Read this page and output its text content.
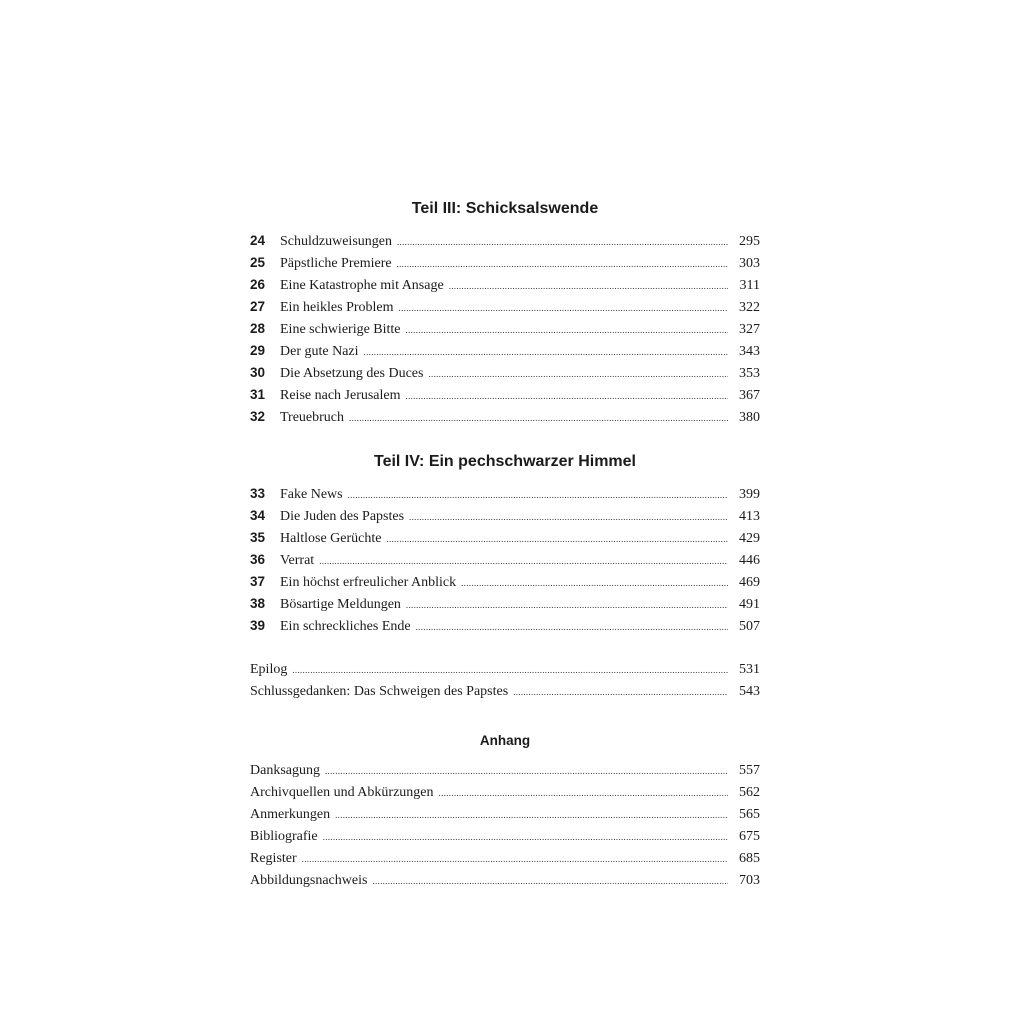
Teil III: Schicksalswende
24	Schuldzuweisungen .....	295
25	Päpstliche Premiere .....	303
26	Eine Katastrophe mit Ansage .....	311
27	Ein heikles Problem .....	322
28	Eine schwierige Bitte .....	327
29	Der gute Nazi .....	343
30	Die Absetzung des Duces .....	353
31	Reise nach Jerusalem .....	367
32	Treuebruch .....	380
Teil IV: Ein pechschwarzer Himmel
33	Fake News .....	399
34	Die Juden des Papstes .....	413
35	Haltlose Gerüchte .....	429
36	Verrat .....	446
37	Ein höchst erfreulicher Anblick .....	469
38	Bösartige Meldungen .....	491
39	Ein schreckliches Ende .....	507
Epilog .....	531
Schlussgedanken: Das Schweigen des Papstes .....	543
Anhang
Danksagung .....	557
Archivquellen und Abkürzungen .....	562
Anmerkungen .....	565
Bibliografie .....	675
Register .....	685
Abbildungsnachweis .....	703
